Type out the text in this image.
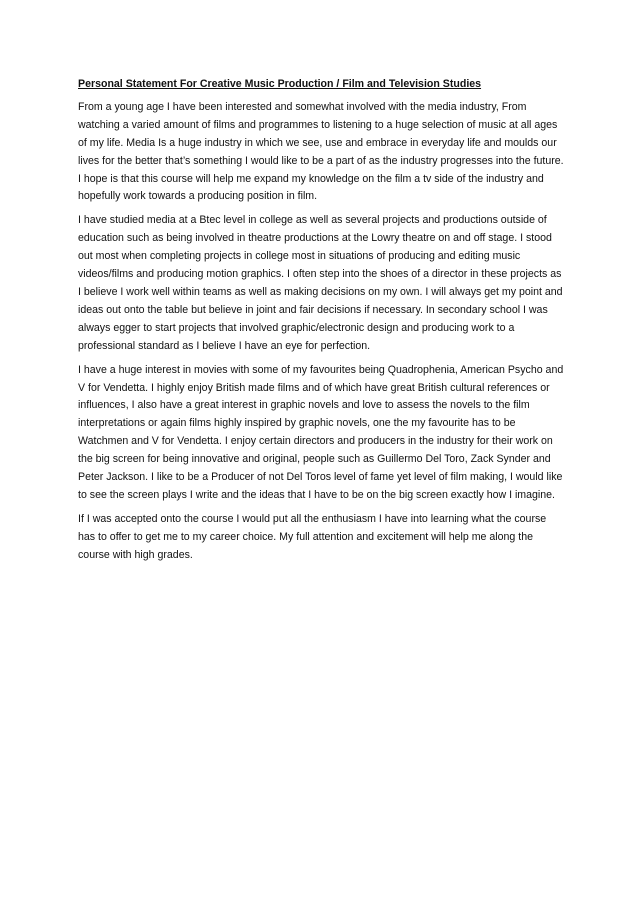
Personal Statement For Creative Music Production / Film and Television Studies

From a young age I have been interested and somewhat involved with the media industry, From watching a varied amount of films and programmes to listening to a huge selection of music at all ages of my life. Media Is a huge industry in which we see, use and embrace in everyday life and moulds our lives for the better that’s something I would like to be a part of as the industry progresses into the future. I hope is that this course will help me expand my knowledge on the film a tv side of the industry and hopefully work towards a producing position in film.

I have studied media at a Btec level in college as well as several projects and productions outside of education such as being involved in theatre productions at the Lowry theatre on and off stage. I stood out most when completing projects in college most in situations of producing and editing music videos/films and producing motion graphics. I often step into the shoes of a director in these projects as I believe I work well within teams as well as making decisions on my own. I will always get my point and ideas out onto the table but believe in joint and fair decisions if necessary. In secondary school I was always egger to start projects that involved graphic/electronic design and producing work to a professional standard as I believe I have an eye for perfection.

I have a huge interest in movies with some of my favourites being Quadrophenia, American Psycho and V for Vendetta. I highly enjoy British made films and of which have great British cultural references or influences, I also have a great interest in graphic novels and love to assess the novels to the film interpretations or again films highly inspired by graphic novels, one the my favourite has to be Watchmen and V for Vendetta. I enjoy certain directors and producers in the industry for their work on the big screen for being innovative and original, people such as Guillermo Del Toro, Zack Synder and Peter Jackson. I like to be a Producer of not Del Toros level of fame yet level of film making, I would like to see the screen plays I write and the ideas that I have to be on the big screen exactly how I imagine.

If I was accepted onto the course I would put all the enthusiasm I have into learning what the course has to offer to get me to my career choice. My full attention and excitement will help me along the course with high grades.
